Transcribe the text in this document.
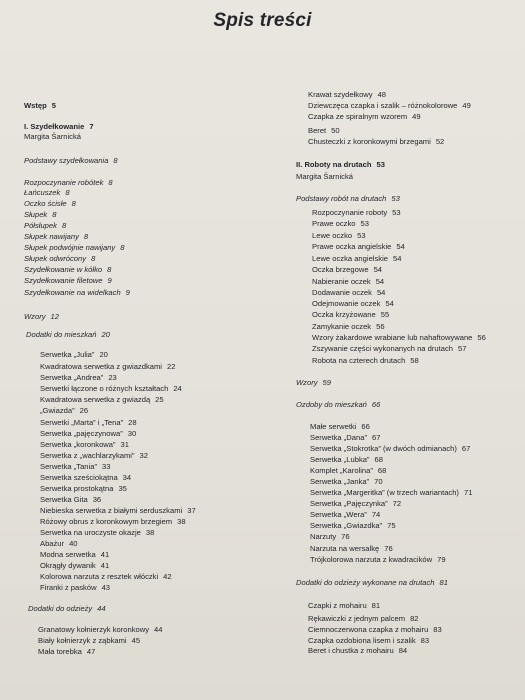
Spis treści
Wstęp 5
I. Szydełkowanie 7
Margita Šarnická
Podstawy szydełkowania 8
Rozpoczynanie robótek 8
Łańcuszek 8
Oczko ścisłe 8
Słupek 8
Półsłupek 8
Słupek nawijany 8
Słupek podwójnie nawijany 8
Słupek odwrócony 8
Szydełkowanie w kółko 8
Szydełkowanie filetowe 9
Szydełkowanie na widelkach 9
Wzory 12
Dodatki do mieszkań 20
Serwetka „Julia” 20
Kwadratowa serwetka z gwiazdkami 22
Serwetka „Andrea” 23
Serwetki łączone o różnych kształtach 24
Kwadratowa serwetka z gwiazdą 25
„Gwiazda” 26
Serwetki „Marta” i „Tena” 28
Serwetka „pajęczynowa” 30
Serwetka „koronkowa” 31
Serwetka z „wachlarzykami” 32
Serwetka „Tania” 33
Serwetka sześciokątna 34
Serwetka prostokątna 35
Serwetka Gita 36
Niebieska serwetka z białymi serduszkami 37
Różowy obrus z koronkowym brzegiem 38
Serwetka na uroczyste okazje 38
Abażur 40
Modna serwetka 41
Okrągły dywanik 41
Kolorowa narzuta z resztek włóczki 42
Firanki z pasków 43
Dodatki do odzieży 44
Granatowy kołnierzyk koronkowy 44
Biały kołnierzyk z ząbkami 45
Mała torebka 47
Krawat szydełkowy 48
Dziewczęca czapka i szalik – różnokolorowe 49
Czapka ze spiralnym wzorem 49
Beret 50
Chusteczki z koronkowymi brzegami 52
II. Roboty na drutach 53
Margita Šarnická
Podstawy robót na drutach 53
Rozpoczynanie roboty 53
Prawe oczko 53
Lewe oczko 53
Prawe oczka angielskie 54
Lewe oczka angielskie 54
Oczka brzegowe 54
Nabieranie oczek 54
Dodawanie oczek 54
Odejmowanie oczek 54
Oczka krzyżowane 55
Zamykanie oczek 56
Wzory żakardowe wrabiane lub nahaftowywane 56
Zszywanie części wykonanych na drutach 57
Robota na czterech drutach 58
Wzory 59
Ozdoby do mieszkań 66
Małe serwetki 66
Serwetka „Dana” 67
Serwetka „Stokrotka” (w dwóch odmianach) 67
Serwetka „Lubka” 68
Komplet „Karolina” 68
Serwetka „Janka” 70
Serwetka „Margeritka” (w trzech wariantach) 71
Serwetka „Pajęczynka” 72
Serwetka „Wera” 74
Serwetka „Gwiazdka” 75
Narzuty 76
Narzuta na wersalkę 76
Trójkolorowa narzuta z kwadracików 79
Dodatki do odzieży wykonane na drutach 81
Czapki z mohairu 81
Rękawiczki z jednym palcem 82
Ciemnoczerwona czapka z mohairu 83
Czapka ozdobiona lisem i szalik 83
Beret i chustka z mohairu 84
